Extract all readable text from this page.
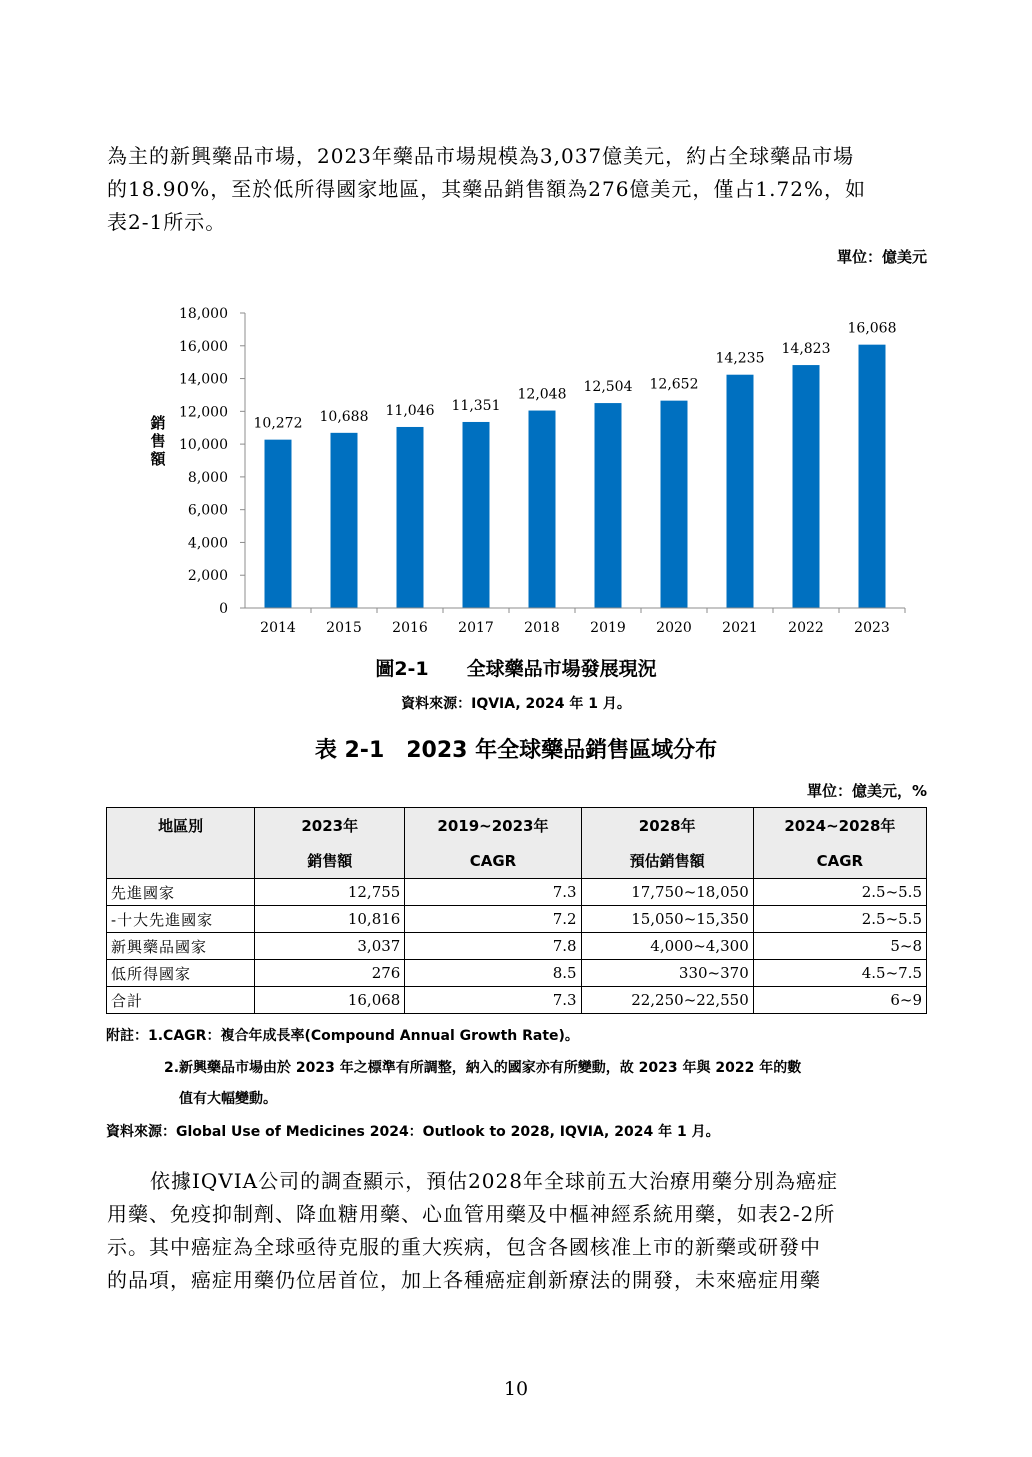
為主的新興藥品市場，2023年藥品市場規模為3,037億美元，約占全球藥品市場
的18.90%，至於低所得國家地區，其藥品銷售額為276億美元，僅占1.72%，如
表2-1所示。
單位：億美元
0
2,000
4,000
6,000
8,000
10,000
12,000
14,000
16,000
18,000
2014 2015 2016 2017 2018 2019 2020 2021 2022 2023
10,272 10,688 11,046 11,351
12,048 12,504 12,652
14,235
14,823
16,068
銷售額
圖2-1　　全球藥品市場發展現況
資料來源：IQVIA, 2024 年 1 月。
表 2-1　2023 年全球藥品銷售區域分布
單位：億美元，%
地區別	2023年	2019~2023年	2028年	2024~2028年
	銷售額	CAGR	預估銷售額	CAGR
先進國家	12,755	7.3	17,750~18,050	2.5~5.5
-十大先進國家	10,816	7.2	15,050~15,350	2.5~5.5
新興藥品國家	3,037	7.8	4,000~4,300	5~8
低所得國家	276	8.5	330~370	4.5~7.5
合計	16,068	7.3	22,250~22,550	6~9
附註：1.CAGR：複合年成長率(Compound Annual Growth Rate)。
2.新興藥品市場由於 2023 年之標準有所調整，納入的國家亦有所變動，故 2023 年與 2022 年的數
值有大幅變動。
資料來源：Global Use of Medicines 2024：Outlook to 2028, IQVIA, 2024 年 1 月。
依據IQVIA公司的調查顯示，預估2028年全球前五大治療用藥分別為癌症
用藥、免疫抑制劑、降血糖用藥、心血管用藥及中樞神經系統用藥，如表2-2所
示。其中癌症為全球亟待克服的重大疾病，包含各國核准上市的新藥或研發中
的品項，癌症用藥仍位居首位，加上各種癌症創新療法的開發，未來癌症用藥
10
